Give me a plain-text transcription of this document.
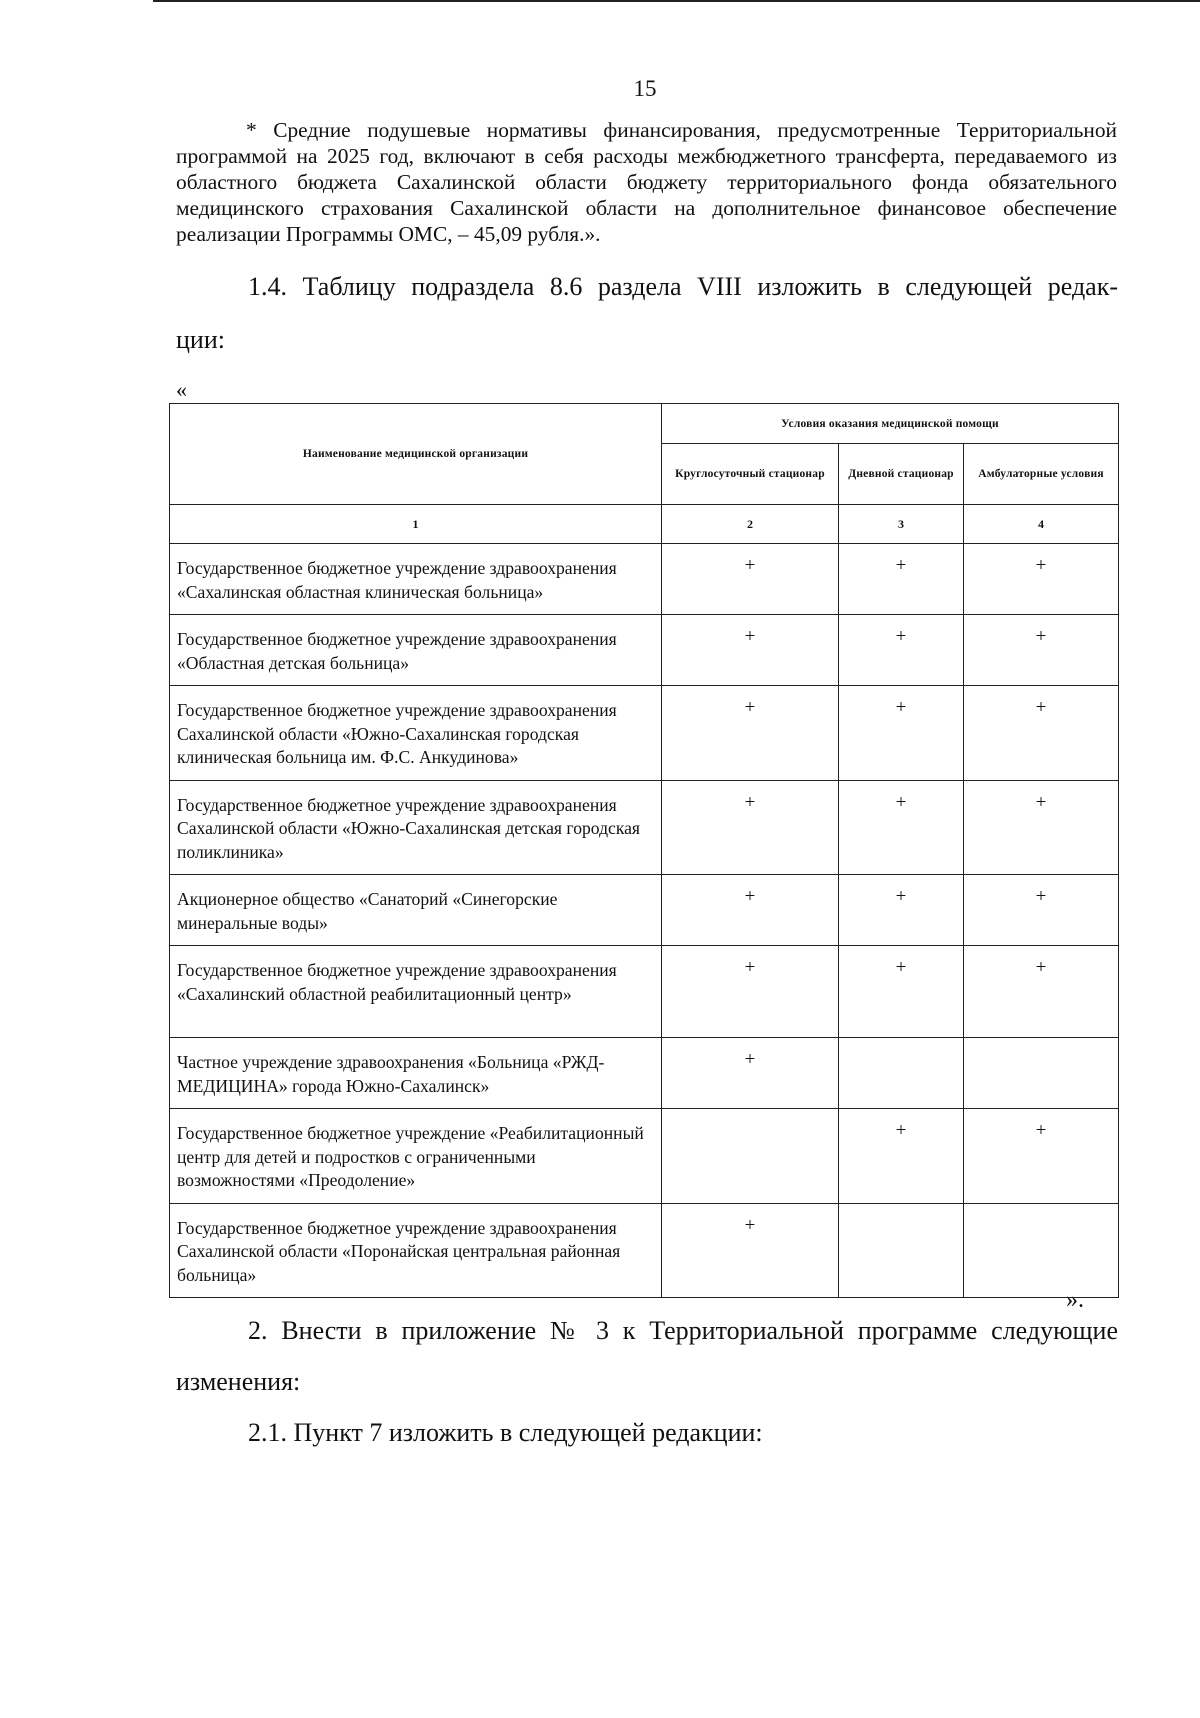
15

* Средние подушевые нормативы финансирования, предусмотренные Территориальной программой на 2025 год, включают в себя расходы межбюджетного трансферта, передаваемого из областного бюджета Сахалинской области бюджету территориального фонда обязательного медицинского страхования Сахалинской области на дополнительное финансовое обеспечение реализации Программы ОМС, – 45,09 рубля.».

1.4. Таблицу подраздела 8.6 раздела VIII изложить в следующей редак-

ции:

«
Наименование медицинской организации	Условия оказания медицинской помощи		
	Круглосуточный стационар	Дневной стационар	Амбулаторные условия
1	2	3	4
Государственное бюджетное учреждение здравоохранения «Сахалинская областная клиническая больница»	+	+	+
Государственное бюджетное учреждение здравоохранения «Областная детская больница»	+	+	+
Государственное бюджетное учреждение здравоохранения Сахалинской области «Южно-Сахалинская городская клиническая больница им. Ф.С. Анкудинова»	+	+	+
Государственное бюджетное учреждение здравоохранения Сахалинской области «Южно-Сахалинская детская городская поликлиника»	+	+	+
Акционерное общество «Санаторий «Синегорские минеральные воды»	+	+	+
Государственное бюджетное учреждение здравоохранения «Сахалинский областной реабилитационный центр»	+	+	+
Частное учреждение здравоохранения «Больница «РЖД-МЕДИЦИНА» города Южно-Сахалинск»	+		
Государственное бюджетное учреждение «Реабилитационный центр для детей и подростков с ограниченными возможностями «Преодоление»		+	+
Государственное бюджетное учреждение здравоохранения Сахалинской области «Поронайская центральная районная больница»	+		
».

2. Внести в приложение № 3 к Территориальной программе следующие

изменения:

2.1. Пункт 7 изложить в следующей редакции:
